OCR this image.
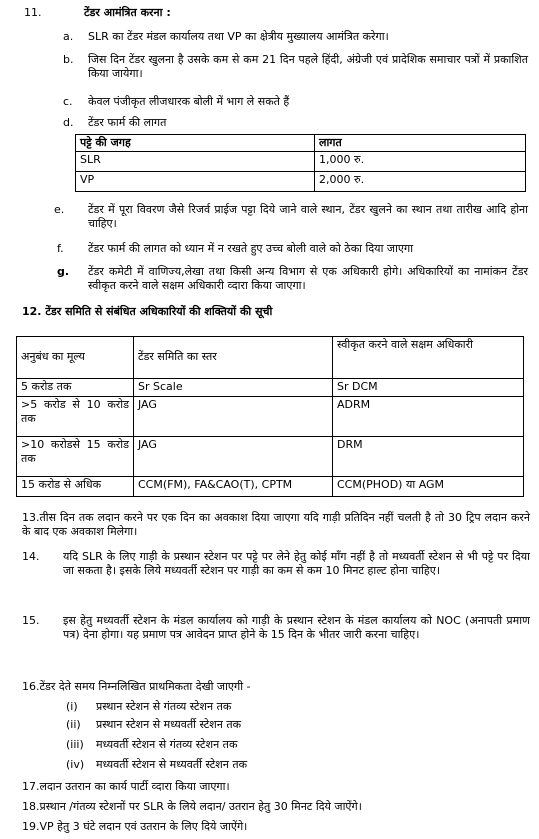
11.	टेंडर आमंत्रित करना :
a. SLR का टेंडर मंडल कार्यालय तथा VP का क्षेत्रीय मुख्यालय आमंत्रित करेगा।
b. जिस दिन टेंडर खुलना है उसके कम से कम 21 दिन पहले हिंदी, अंग्रेजी एवं प्रादेशिक समाचार पत्रों में प्रकाशित किया जायेगा।
c. केवल पंजीकृत लीजधारक बोली में भाग ले सकते हैं
d. टेंडर फार्म की लागत
पट्टे की जगह	लागत
SLR	1,000 रु.
VP	2,000 रु.
e. टेंडर में पूरा विवरण जैसे रिजर्व प्राईज पट्टा दिये जाने वाले स्थान, टेंडर खुलने का स्थान तथा तारीख आदि होना चाहिए।
f. टेंडर फार्म की लागत को ध्यान में न रखते हुए उच्च बोली वाले को ठेका दिया जाएगा
g. टेंडर कमेटी में वाणिज्य,लेखा तथा किसी अन्य विभाग से एक अधिकारी होगे। अधिकारियों का नामांकन टेंडर स्वीकृत करने वाले सक्षम अधिकारी व्दारा किया जाएगा।
12. टेंडर समिति से संबंधित अधिकारियों की शक्तियों की सूची
अनुबंध का मूल्य	टेंडर समिति का स्तर	स्वीकृत करने वाले सक्षम अधिकारी
5 करोड तक	Sr Scale	Sr DCM
>5 करोड से 10 करोड तक	JAG	ADRM
>10 करोडसे 15 करोड तक	JAG	DRM
15 करोड से अधिक	CCM(FM), FA&CAO(T), CPTM	CCM(PHOD) या AGM
13.तीस दिन तक लदान करने पर एक दिन का अवकाश दिया जाएगा यदि गाड़ी प्रतिदिन नहीं चलती है तो 30 ट्रिप लदान करने के बाद एक अवकाश मिलेगा।
14. यदि SLR के लिए गाड़ी के प्रस्थान स्टेशन पर पट्टे पर लेने हेतु कोई माँग नहीं है तो मध्यवर्ती स्टेशन से भी पट्टे पर दिया जा सकता है। इसके लिये मध्यवर्ती स्टेशन पर गाड़ी का कम से कम 10 मिनट हाल्ट होना चाहिए।
15. इस हेतु मध्यवर्ती स्टेशन के मंडल कार्यालय को गाड़ी के प्रस्थान स्टेशन के मंडल कार्यालय को NOC (अनापती प्रमाण पत्र) देना होगा। यह प्रमाण पत्र आवेदन प्राप्त होने के 15 दिन के भीतर जारी करना चाहिए।
16.टेंडर देते समय निम्नलिखित प्राथमिकता देखी जाएगी -
(i) प्रस्थान स्टेशन से गंतव्य स्टेशन तक
(ii) प्रस्थान स्टेशन से मध्यवर्ती स्टेशन तक
(iii) मध्यवर्ती स्टेशन से गंतव्य स्टेशन तक
(iv) मध्यवर्ती स्टेशन से मध्यवर्ती स्टेशन तक
17.लदान उतरान का कार्य पार्टी व्दारा किया जाएगा।
18.प्रस्थान /गंतव्य स्टेशनों पर SLR के लिये लदान/ उतरान हेतु 30 मिनट दिये जाऐंगे।
19.VP हेतु 3 घंटे लदान एवं उतरान के लिए दिये जाऐंगे।
